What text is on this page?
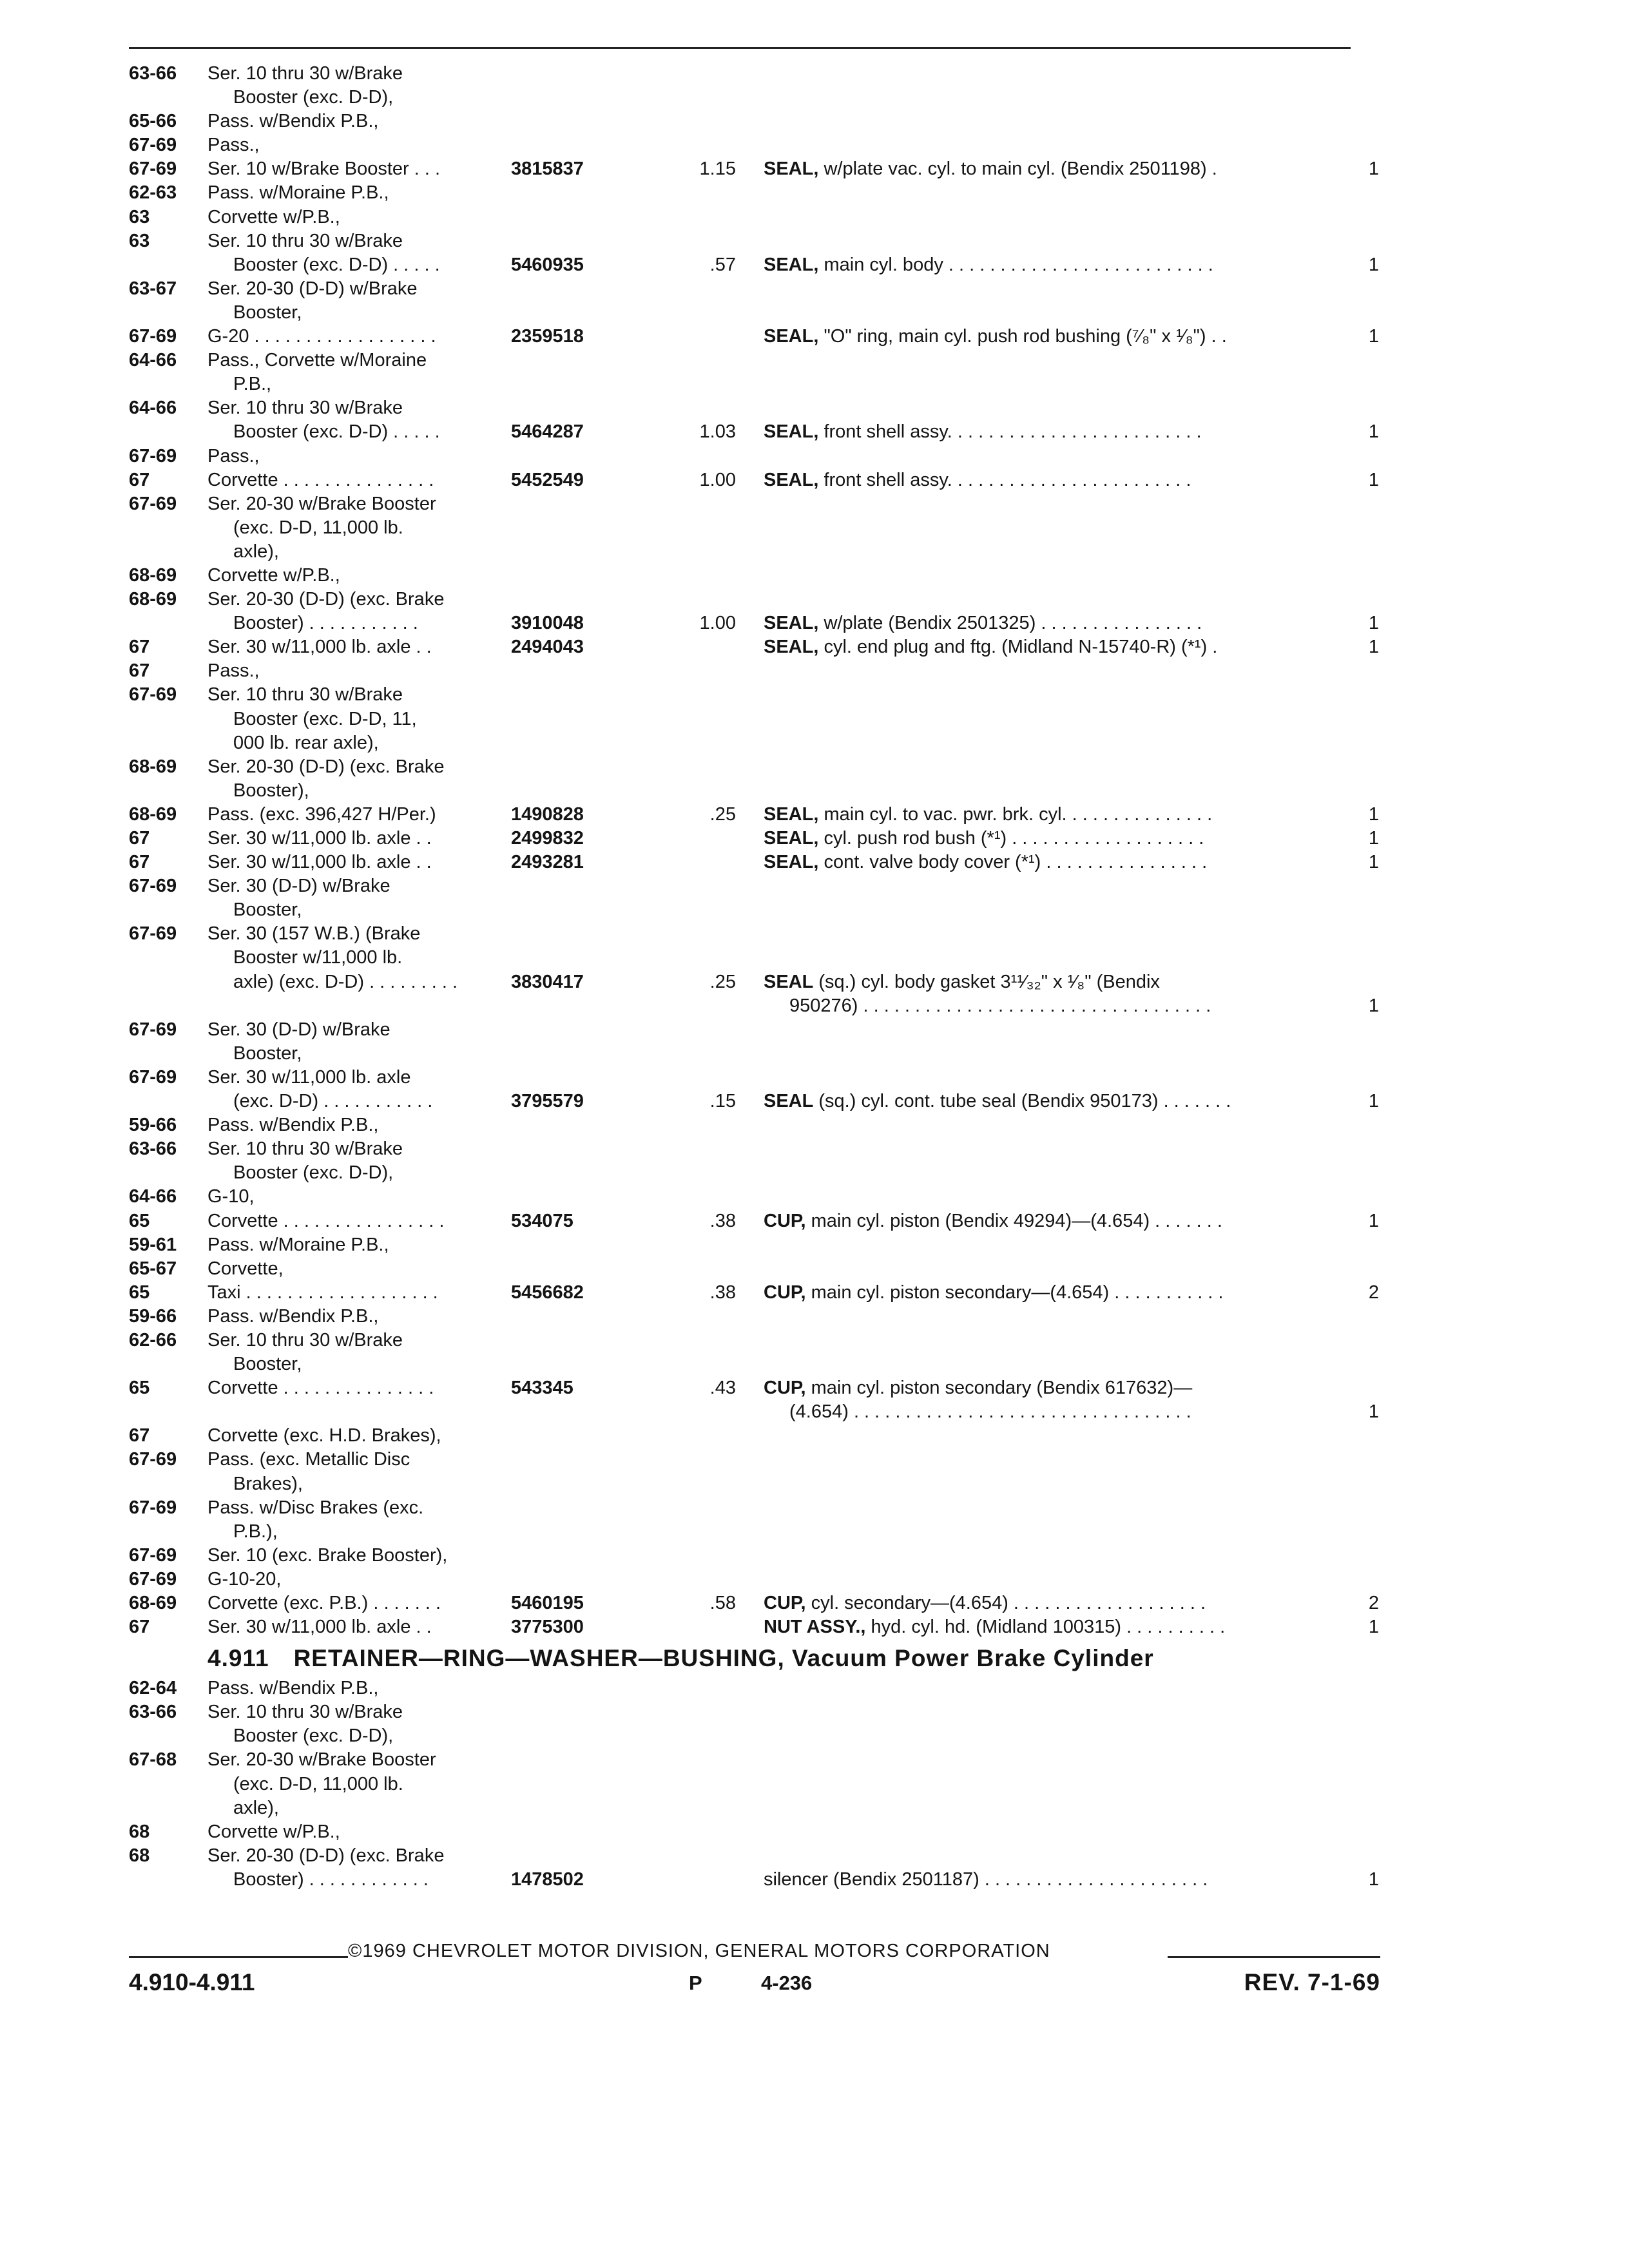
63-66 Ser. 10 thru 30 w/Brake
Booster (exc. D-D),
65-66 Pass. w/Bendix P.B.,
67-69 Pass.,
67-69 Ser. 10 w/Brake Booster . . .	3815837	1.15 SEAL, w/plate vac. cyl. to main cyl. (Bendix 2501198) .	1
62-63 Pass. w/Moraine P.B.,
63	Corvette w/P.B.,
63	Ser. 10 thru 30 w/Brake
Booster (exc. D-D) . . . . .	5460935	.57 SEAL, main cyl. body . . . . . . . . . . . . . . . . . . . . . . . . . .	1
63-67 Ser. 20-30 (D-D) w/Brake
Booster,
67-69 G-20 . . . . . . . . . . . . . . . . . .	2359518	SEAL, "O" ring, main cyl. push rod bushing (⁷⁄₈" x ¹⁄₈") . .	1
64-66 Pass., Corvette w/Moraine
P.B.,
64-66 Ser. 10 thru 30 w/Brake
Booster (exc. D-D) . . . . .	5464287	1.03 SEAL, front shell assy. . . . . . . . . . . . . . . . . . . . . . . . .	1
67-69 Pass.,
67	Corvette . . . . . . . . . . . . . . .	5452549	1.00 SEAL, front shell assy. . . . . . . . . . . . . . . . . . . . . . . .	1
67-69 Ser. 20-30 w/Brake Booster
(exc. D-D, 11,000 lb.
axle),
68-69 Corvette w/P.B.,
68-69 Ser. 20-30 (D-D) (exc. Brake
Booster) . . . . . . . . . . .	3910048	1.00 SEAL, w/plate (Bendix 2501325) . . . . . . . . . . . . . . . .	1
67	Ser. 30 w/11,000 lb. axle . .	2494043	SEAL, cyl. end plug and ftg. (Midland N-15740-R) (*¹) .	1
67	Pass.,
67-69 Ser. 10 thru 30 w/Brake
Booster (exc. D-D, 11,
000 lb. rear axle),
68-69 Ser. 20-30 (D-D) (exc. Brake
Booster),
68-69 Pass. (exc. 396,427 H/Per.)	1490828	.25 SEAL, main cyl. to vac. pwr. brk. cyl. . . . . . . . . . . . . . .	1
67	Ser. 30 w/11,000 lb. axle . .	2499832	SEAL, cyl. push rod bush (*¹) . . . . . . . . . . . . . . . . . . .	1
67	Ser. 30 w/11,000 lb. axle . .	2493281	SEAL, cont. valve body cover (*¹) . . . . . . . . . . . . . . . .	1
67-69 Ser. 30 (D-D) w/Brake
Booster,
67-69 Ser. 30 (157 W.B.) (Brake
Booster w/11,000 lb.
axle) (exc. D-D) . . . . . . . . .	3830417	.25 SEAL (sq.) cyl. body gasket 3¹¹⁄₃₂" x ¹⁄₈" (Bendix
950276) . . . . . . . . . . . . . . . . . . . . . . . . . . . . . . . . . .	1
67-69 Ser. 30 (D-D) w/Brake
Booster,
67-69 Ser. 30 w/11,000 lb. axle
(exc. D-D) . . . . . . . . . . .	3795579	.15 SEAL (sq.) cyl. cont. tube seal (Bendix 950173) . . . . . . .	1
59-66 Pass. w/Bendix P.B.,
63-66 Ser. 10 thru 30 w/Brake
Booster (exc. D-D),
64-66 G-10,
65	Corvette . . . . . . . . . . . . . . . .	534075	.38 CUP, main cyl. piston (Bendix 49294)—(4.654) . . . . . . .	1
59-61 Pass. w/Moraine P.B.,
65-67 Corvette,
65	Taxi . . . . . . . . . . . . . . . . . . .	5456682	.38 CUP, main cyl. piston secondary—(4.654) . . . . . . . . . . .	2
59-66 Pass. w/Bendix P.B.,
62-66 Ser. 10 thru 30 w/Brake
Booster,
65	Corvette . . . . . . . . . . . . . . .	543345	.43 CUP, main cyl. piston secondary (Bendix 617632)—
(4.654) . . . . . . . . . . . . . . . . . . . . . . . . . . . . . . . . .	1
67	Corvette (exc. H.D. Brakes),
67-69 Pass. (exc. Metallic Disc
Brakes),
67-69 Pass. w/Disc Brakes (exc.
P.B.),
67-69 Ser. 10 (exc. Brake Booster),
67-69 G-10-20,
68-69 Corvette (exc. P.B.) . . . . . . .	5460195	.58 CUP, cyl. secondary—(4.654) . . . . . . . . . . . . . . . . . . .	2
67	Ser. 30 w/11,000 lb. axle . .	3775300	NUT ASSY., hyd. cyl. hd. (Midland 100315) . . . . . . . . . .	1
4.911 RETAINER—RING—WASHER—BUSHING, Vacuum Power Brake Cylinder
62-64 Pass. w/Bendix P.B.,
63-66 Ser. 10 thru 30 w/Brake
Booster (exc. D-D),
67-68 Ser. 20-30 w/Brake Booster
(exc. D-D, 11,000 lb.
axle),
68	Corvette w/P.B.,
68	Ser. 20-30 (D-D) (exc. Brake
Booster) . . . . . . . . . . . .	1478502	silencer (Bendix 2501187) . . . . . . . . . . . . . . . . . . . . . .	1
©1969 CHEVROLET MOTOR DIVISION, GENERAL MOTORS CORPORATION
4.910-4.911	P	4-236	REV. 7-1-69
